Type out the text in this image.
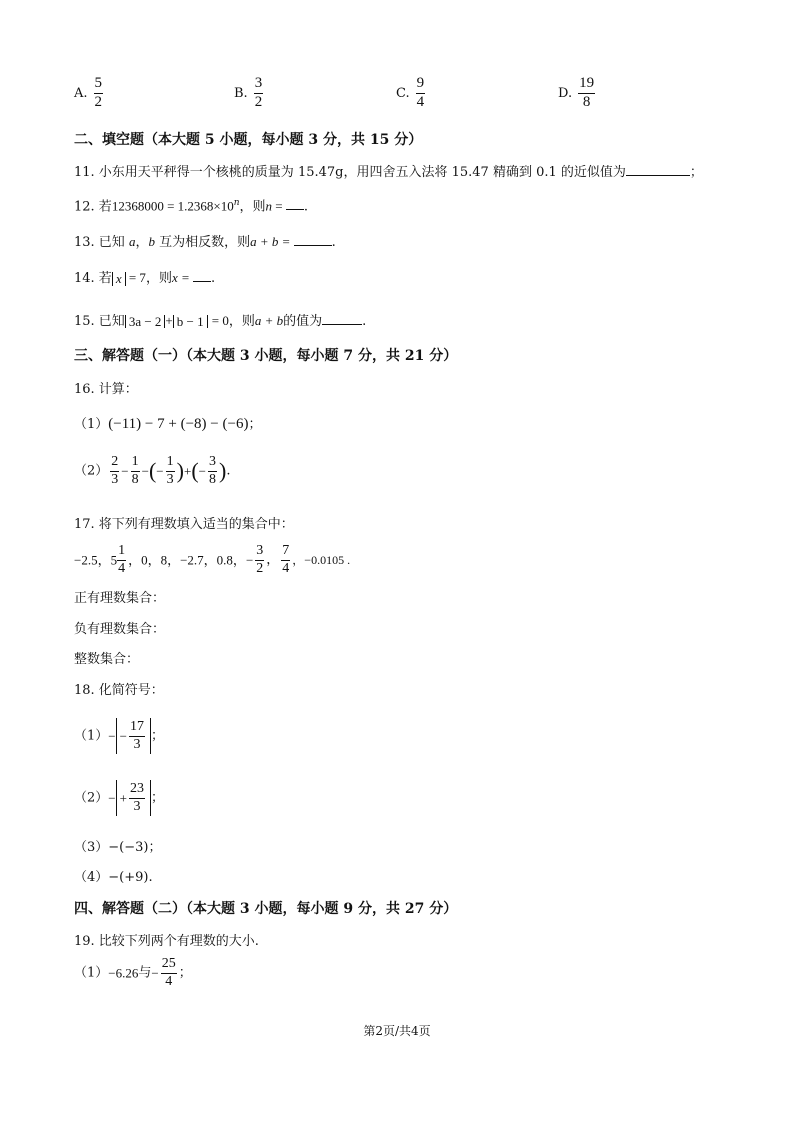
A. $\frac{5}{2}$	B. $\frac{3}{2}$	C. $\frac{9}{4}$	D. $\frac{19}{8}$
二、填空题（本大题 5 小题，每小题 3 分，共 15 分）
11. 小东用天平秤得一个核桃的质量为 15.47g，用四舍五入法将 15.47 精确到 0.1 的近似值为	；
12. 若$12368000 = 1.2368\times 10^n$，则n = .
13. 已知 a，b 互为相反数，则a + b =	.
14. 若 x = 7，则x = .
15. 已知 3a − 2 + b − 1 = 0，则a + b的值为	.
三、解答题（一）（本大题 3 小题，每小题 7 分，共 21 分）
16. 计算：
（1）(−11) − 7 + (−8) − (−6)；
$(2) \frac{2}{3} - \frac{1}{8}$ −(− $\frac{1}{3}$ )+(− $\frac{3}{8}$ ).
17. 将下列有理数填入适当的集合中：
−2.5，$5 \frac{1}{4}$ ，0，8，−2.7，0.8，− $\frac{3}{2}$ ， $\frac{7}{4}$ ，−0.0105 .
正有理数集合：
负有理数集合：
整数集合：
18. 化简符号：
$(1)- - \frac{17}{3}$ ；
$(2)- + \frac{23}{3}$ ；
（3）−(−3)；
（4）−(+9).
四、解答题（二）（本大题 3 小题，每小题 9 分，共 27 分）
19. 比较下列两个有理数的大小.
（1）−6.26与− $\frac{25}{4}$ ；
第2页/共4页
